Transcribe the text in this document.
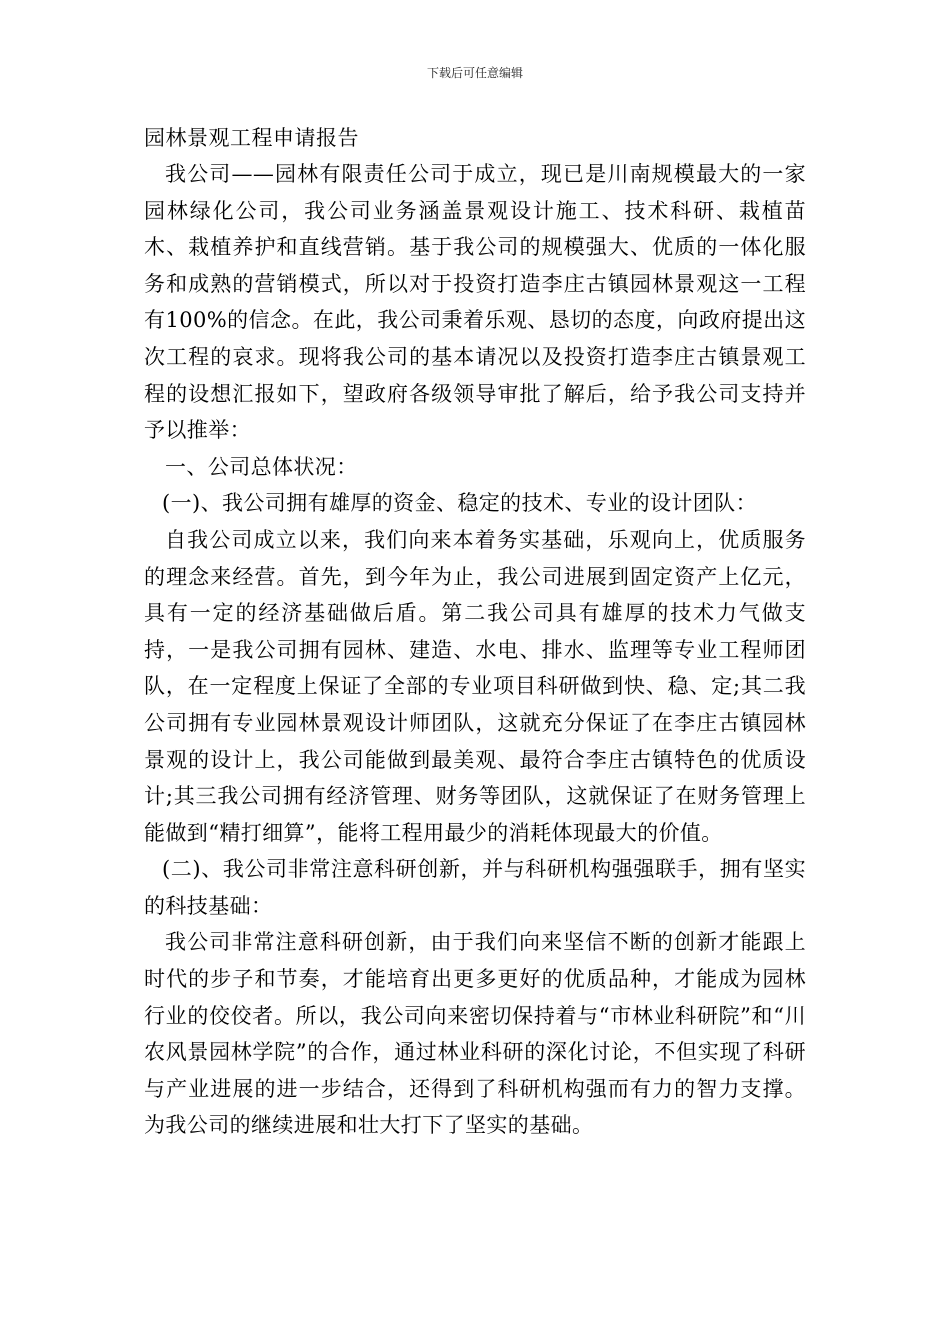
下载后可任意编辑

园林景观工程申请报告

我公司——园林有限责任公司于成立，现已是川南规模最大的一家园林绿化公司，我公司业务涵盖景观设计施工、技术科研、栽植苗木、栽植养护和直线营销。基于我公司的规模强大、优质的一体化服务和成熟的营销模式，所以对于投资打造李庄古镇园林景观这一工程有100%的信念。在此，我公司秉着乐观、恳切的态度，向政府提出这次工程的哀求。现将我公司的基本请况以及投资打造李庄古镇景观工程的设想汇报如下，望政府各级领导审批了解后，给予我公司支持并予以推举：

一、公司总体状况：

(一)、我公司拥有雄厚的资金、稳定的技术、专业的设计团队：

自我公司成立以来，我们向来本着务实基础，乐观向上，优质服务的理念来经营。首先，到今年为止，我公司进展到固定资产上亿元，具有一定的经济基础做后盾。第二我公司具有雄厚的技术力气做支持，一是我公司拥有园林、建造、水电、排水、监理等专业工程师团队，在一定程度上保证了全部的专业项目科研做到快、稳、定;其二我公司拥有专业园林景观设计师团队，这就充分保证了在李庄古镇园林景观的设计上，我公司能做到最美观、最符合李庄古镇特色的优质设计;其三我公司拥有经济管理、财务等团队，这就保证了在财务管理上能做到“精打细算”，能将工程用最少的消耗体现最大的价值。

(二)、我公司非常注意科研创新，并与科研机构强强联手，拥有坚实的科技基础：

我公司非常注意科研创新，由于我们向来坚信不断的创新才能跟上时代的步子和节奏，才能培育出更多更好的优质品种，才能成为园林行业的佼佼者。所以，我公司向来密切保持着与“市林业科研院”和“川农风景园林学院”的合作，通过林业科研的深化讨论，不但实现了科研与产业进展的进一步结合，还得到了科研机构强而有力的智力支撑。为我公司的继续进展和壮大打下了坚实的基础。
